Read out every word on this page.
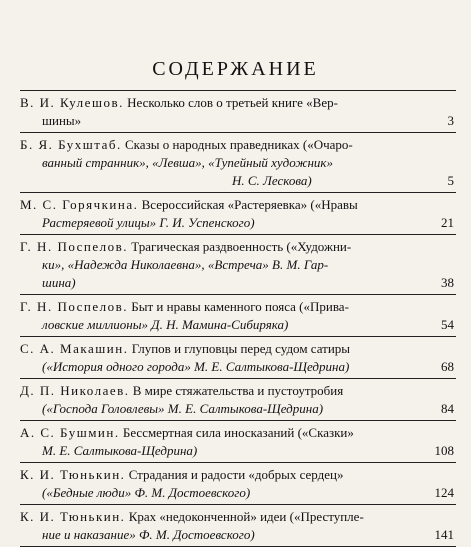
СОДЕРЖАНИЕ
В. И. Кулешов. Несколько слов о третьей книге «Вер-
шины»	3
Б. Я. Бухштаб. Сказы о народных праведниках («Очаро-
ванный странник», «Левша», «Тупейный художник»
Н. С. Лескова)	5
М. С. Горячкина. Всероссийская «Растеряевка» («Нравы
Растеряевой улицы» Г. И. Успенского)	21
Г. Н. Поспелов. Трагическая раздвоенность («Художни-
ки», «Надежда Николаевна», «Встреча» В. М. Гар-
шина)	38
Г. Н. Поспелов. Быт и нравы каменного пояса («Прива-
ловские миллионы» Д. Н. Мамина-Сибиряка)	54
С. А. Макашин. Глупов и глуповцы перед судом сатиры
(«История одного города» М. Е. Салтыкова-Щедрина)	68
Д. П. Николаев. В мире стяжательства и пустоутробия
(«Господа Головлевы» М. Е. Салтыкова-Щедрина)	84
А. С. Бушмин. Бессмертная сила иносказаний («Сказки»
М. Е. Салтыкова-Щедрина)	108
К. И. Тюнькин. Страдания и радости «добрых сердец»
(«Бедные люди» Ф. М. Достоевского)	124
К. И. Тюнькин. Крах «недоконченной» идеи («Преступле-
ние и наказание» Ф. М. Достоевского)	141
